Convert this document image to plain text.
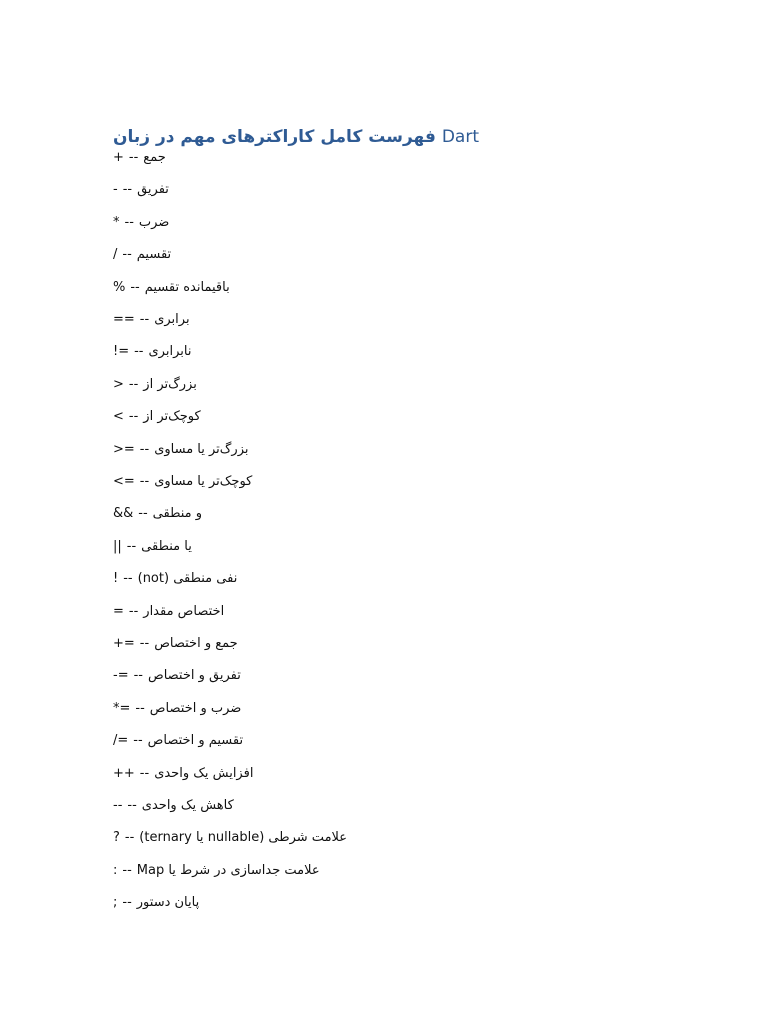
فهرست کامل کاراکترهای مهم در زبان Dart
+ -- جمع
- -- تفریق
* -- ضرب
/ -- تقسیم
% -- باقیمانده تقسیم
== -- برابری
!= -- نابرابری
> -- بزرگ‌تر از
< -- کوچک‌تر از
>= -- بزرگ‌تر یا مساوی
<= -- کوچک‌تر یا مساوی
&& -- و منطقی
|| -- یا منطقی
! -- نفی منطقی (not)
= -- اختصاص مقدار
+= -- جمع و اختصاص
-= -- تفریق و اختصاص
*= -- ضرب و اختصاص
/= -- تقسیم و اختصاص
++ -- افزایش یک واحدی
-- -- کاهش یک واحدی
? -- علامت شرطی (nullable یا ternary)
: -- علامت جداسازی در شرط یا Map
; -- پایان دستور
